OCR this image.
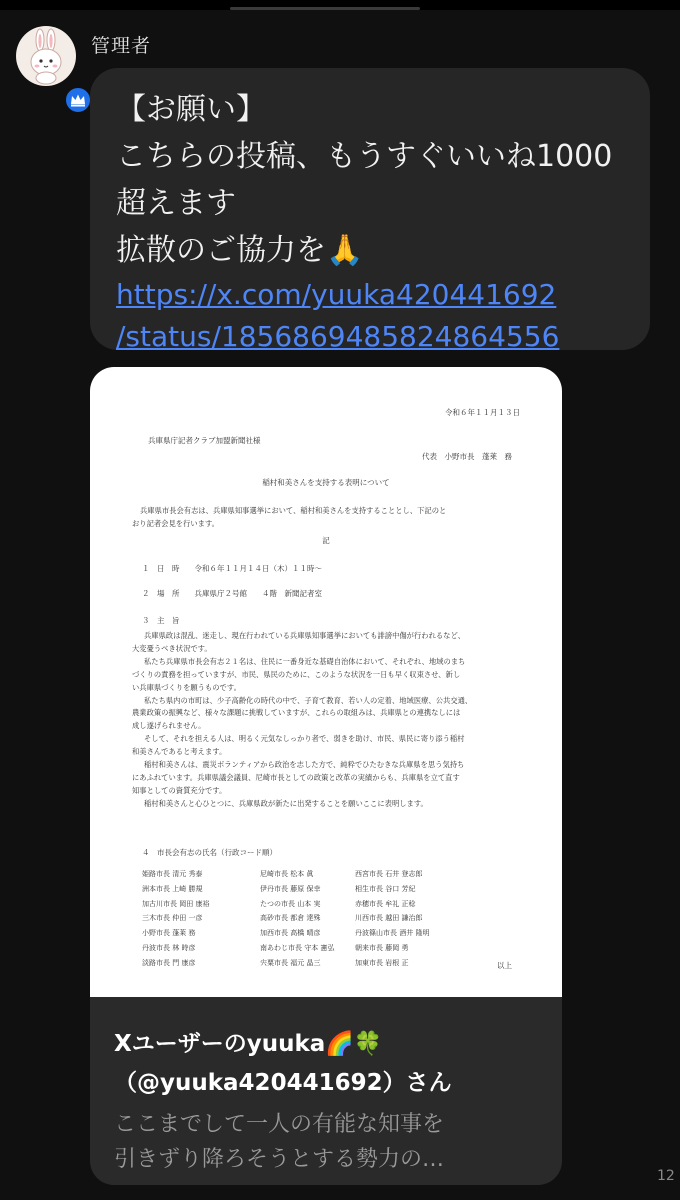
管理者
【お願い】
こちらの投稿、もうすぐいいね1000
超えます
拡散のご協力を🙏
https://x.com/yuuka420441692
/status/1856869485824864556
令和６年１１月１３日
兵庫県庁記者クラブ加盟新聞社様
代表　小野市長　蓬莱　務
稲村和美さんを支持する表明について
兵庫県市長会有志は、兵庫県知事選挙において、稲村和美さんを支持することとし、下記のと
おり記者会見を行います。
記
１　日　時　　令和６年１１月１４日（木）１１時～
２　場　所　　兵庫県庁２号館　　４階　新聞記者室
３　主　旨
兵庫県政は混乱、迷走し、現在行われている兵庫県知事選挙においても誹謗中傷が行われるなど、
大変憂うべき状況です。
私たち兵庫県市長会有志２１名は、住民に一番身近な基礎自治体において、それぞれ、地域のまち
づくりの責務を担っていますが、市民、県民のために、このような状況を一日も早く収束させ、新し
い兵庫県づくりを願うものです。
私たち県内の市町は、少子高齢化の時代の中で、子育て教育、若い人の定着、地域医療、公共交通、
農業政策の振興など、様々な課題に挑戦していますが、これらの取組みは、兵庫県との連携なしには
成し遂げられません。
そして、それを担える人は、明るく元気なしっかり者で、弱きを助け、市民、県民に寄り添う稲村
和美さんであると考えます。
稲村和美さんは、震災ボランティアから政治を志した方で、純粋でひたむきな兵庫県を思う気持ち
にあふれています。兵庫県議会議員、尼崎市長としての政策と改革の実績からも、兵庫県を立て直す
知事としての資質充分です。
稲村和美さんと心ひとつに、兵庫県政が新たに出発することを願いここに表明します。
４　市長会有志の氏名（行政コード順）
姫路市長 清元 秀泰	尼崎市長 松本 眞	西宮市長 石井 登志郎
洲本市長 上崎 勝規	伊丹市長 藤原 保幸	相生市長 谷口 芳紀
加古川市長 岡田 康裕	たつの市長 山本 実	赤穂市長 牟礼 正稔
三木市長 仲田 一彦	高砂市長 都倉 達殊	川西市長 越田 謙治郎
小野市長 蓬莱 務	加西市長 高橋 晴彦	丹波篠山市長 酒井 隆明
丹波市長 林 時彦	南あわじ市長 守本 憲弘	朝来市長 藤岡 勇
淡路市長 門 康彦	宍粟市長 福元 晶三	加東市長 岩根 正	以上
Xユーザーのyuuka🌈🍀
（@yuuka420441692）さん
ここまでして一人の有能な知事を
引きずり降ろそうとする勢力の…
12
